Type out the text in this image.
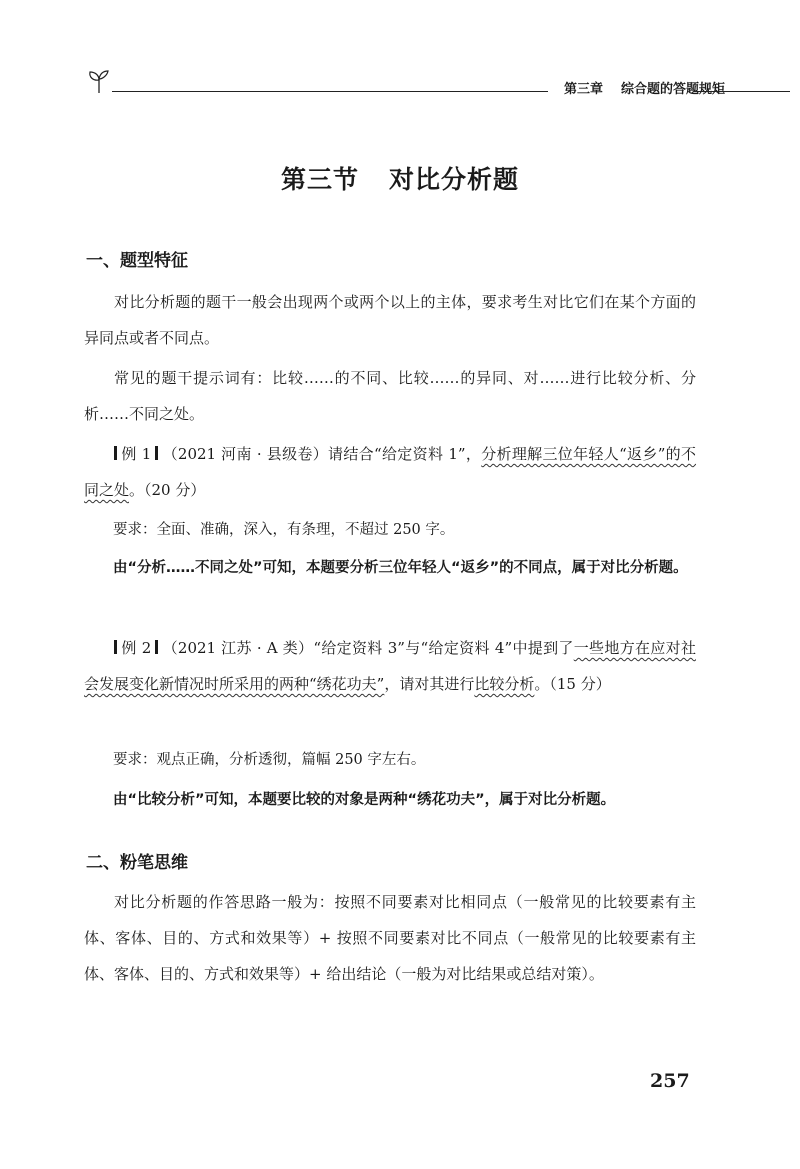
第三章 综合题的答题规矩
第三节 对比分析题
一、题型特征

对比分析题的题干一般会出现两个或两个以上的主体，要求考生对比它们在某个方面的异同点或者不同点。

常见的题干提示词有：比较……的不同、比较……的异同、对……进行比较分析、分析……不同之处。

例 1 （2021 河南 · 县级卷）请结合“给定资料 1”，分析理解三位年轻人“返乡”的不同之处。（20 分）

要求：全面、准确，深入，有条理，不超过 250 字。

由“分析……不同之处”可知，本题要分析三位年轻人“返乡”的不同点，属于对比分析题。

例 2 （2021 江苏 · A 类）“给定资料 3”与“给定资料 4”中提到了一些地方在应对社会发展变化新情况时所采用的两种“绣花功夫”，请对其进行比较分析。（15 分）

要求：观点正确，分析透彻，篇幅 250 字左右。

由“比较分析”可知，本题要比较的对象是两种“绣花功夫”，属于对比分析题。

二、粉笔思维

对比分析题的作答思路一般为：按照不同要素对比相同点（一般常见的比较要素有主体、客体、目的、方式和效果等）+ 按照不同要素对比不同点（一般常见的比较要素有主体、客体、目的、方式和效果等）+ 给出结论（一般为对比结果或总结对策）。

257
